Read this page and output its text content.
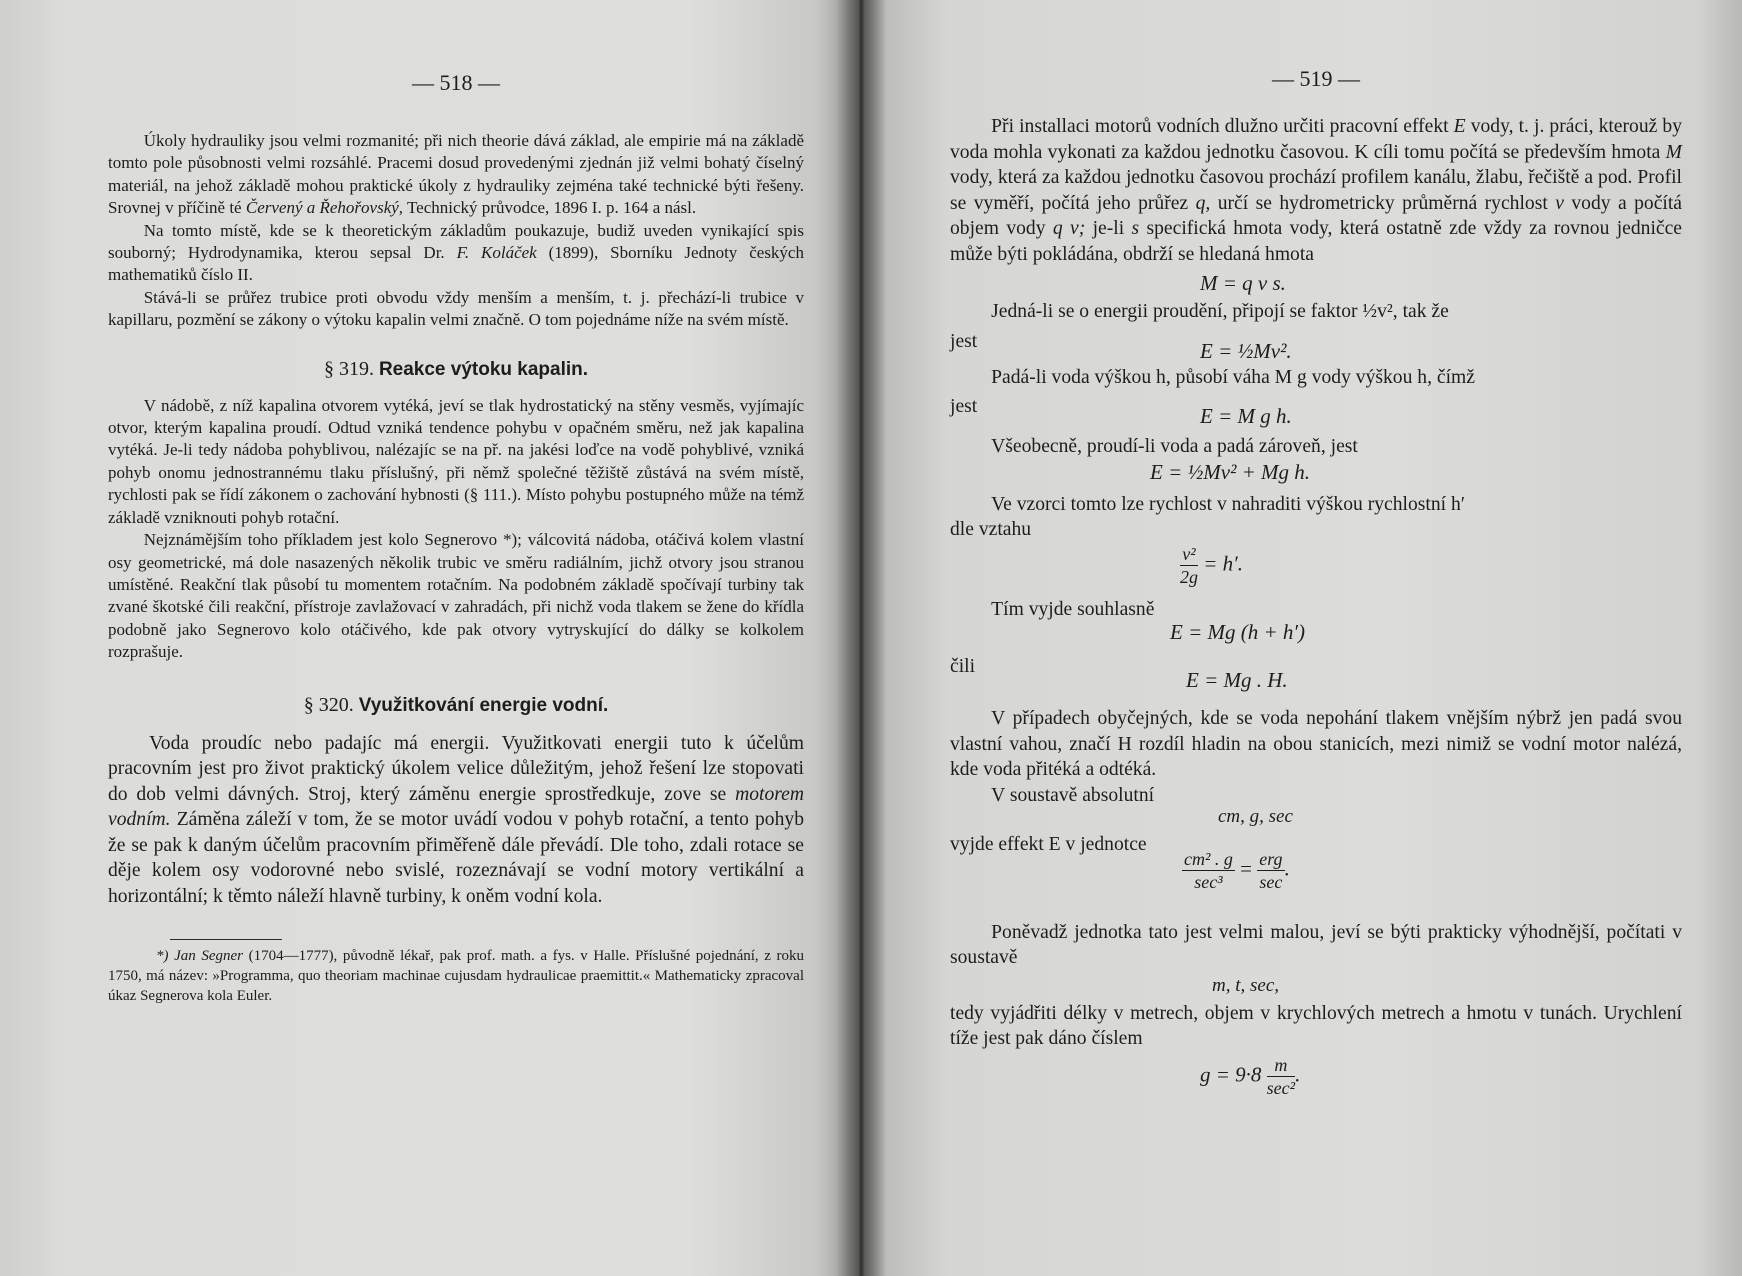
— 518 —

Úkoly hydrauliky jsou velmi rozmanité; při nich theorie dává základ, ale empirie má na základě tomto pole působnosti velmi rozsáhlé. Pracemi dosud provedenými zjednán již velmi bohatý číselný materiál, na jehož základě mohou praktické úkoly z hydrauliky zejména také technické býti řešeny. Srovnej v příčině té Červený a Řehořovský, Technický průvodce, 1896 I. p. 164 a násl.

Na tomto místě, kde se k theoretickým základům poukazuje, budiž uveden vynikající spis souborný; Hydrodynamika, kterou sepsal Dr. F. Koláček (1899), Sborníku Jednoty českých mathematiků číslo II.

Stává-li se průřez trubice proti obvodu vždy menším a menším, t. j. přechází-li trubice v kapillaru, pozmění se zákony o výtoku kapalin velmi značně. O tom pojednáme níže na svém místě.

§ 319. Reakce výtoku kapalin.

V nádobě, z níž kapalina otvorem vytéká, jeví se tlak hydrostatický na stěny vesměs, vyjímajíc otvor, kterým kapalina proudí. Odtud vzniká tendence pohybu v opačném směru, než jak kapalina vytéká. Je-li tedy nádoba pohyblivou, nalézajíc se na př. na jakési loďce na vodě pohyblivé, vzniká pohyb onomu jednostrannému tlaku příslušný, při němž společné těžiště zůstává na svém místě, rychlosti pak se řídí zákonem o zachování hybnosti (§ 111.). Místo pohybu postupného může na témž základě vzniknouti pohyb rotační.

Nejznámějším toho příkladem jest kolo Segnerovo *); válcovitá nádoba, otáčivá kolem vlastní osy geometrické, má dole nasazených několik trubic ve směru radiálním, jichž otvory jsou stranou umístěné. Reakční tlak působí tu momentem rotačním. Na podobném základě spočívají turbiny tak zvané škotské čili reakční, přístroje zavlažovací v zahradách, při nichž voda tlakem se žene do křídla podobně jako Segnerovo kolo otáčivého, kde pak otvory vytryskující do dálky se kolkolem rozprašuje.

§ 320. Využitkování energie vodní.

Voda proudíc nebo padajíc má energii. Využitkovati energii tuto k účelům pracovním jest pro život praktický úkolem velice důležitým, jehož řešení lze stopovati do dob velmi dávných. Stroj, který záměnu energie sprostředkuje, zove se motorem vodním. Záměna záleží v tom, že se motor uvádí vodou v pohyb rotační, a tento pohyb že se pak k daným účelům pracovním přiměřeně dále převádí. Dle toho, zdali rotace se děje kolem osy vodorovné nebo svislé, rozeznávají se vodní motory vertikální a horizontální; k těmto náleží hlavně turbiny, k oněm vodní kola.

*) Jan Segner (1704—1777), původně lékař, pak prof. math. a fys. v Halle. Příslušné pojednání, z roku 1750, má název: »Programma, quo theoriam machinae cujusdam hydraulicae praemittit.« Mathematicky zpracoval úkaz Segnerova kola Euler.

— 519 —

Při installaci motorů vodních dlužno určiti pracovní effekt E vody, t. j. práci, kterouž by voda mohla vykonati za každou jednotku časovou. K cíli tomu počítá se především hmota M vody, která za každou jednotku časovou prochází profilem kanálu, žlabu, řečiště a pod. Profil se vyměří, počítá jeho průřez q, určí se hydrometricky průměrná rychlost v vody a počítá objem vody q v; je-li s specifická hmota vody, která ostatně zde vždy za rovnou jedničce může býti pokládána, obdrží se hledaná hmota

M = q v s.

Jedná-li se o energii proudění, připojí se faktor ½v², tak že

jest	E = ½Mv².

Padá-li voda výškou h, působí váha M g vody výškou h, čímž

jest	E = M g h.

Všeobecně, proudí-li voda a padá zároveň, jest

E = ½Mv² + Mg h.

Ve vzorci tomto lze rychlost v nahraditi výškou rychlostní h′

dle vztahu

$\frac{\text{v²}}{2g} = h'$.

Tím vyjde souhlasně

E = Mg (h + h′)
čili
E = Mg . H.

V případech obyčejných, kde se voda nepohání tlakem vnějším nýbrž jen padá svou vlastní vahou, značí H rozdíl hladin na obou stanicích, mezi nimiž se vodní motor nalézá, kde voda přitéká a odtéká.

V soustavě absolutní

cm, g, sec

vyjde effekt E v jednotce

$\frac{\text{cm² . g}}{\text{sec³}} = \frac{\text{erg}}{\sec}$ .

Poněvadž jednotka tato jest velmi malou, jeví se býti prakticky výhodnější, počítati v soustavě

m, t, sec,

tedy vyjádřiti délky v metrech, objem v krychlových metrech a hmotu v tunách. Urychlení tíže jest pak dáno číslem

$g = 9\cdot 8 \frac{m}{\text{sec²}}$ .
